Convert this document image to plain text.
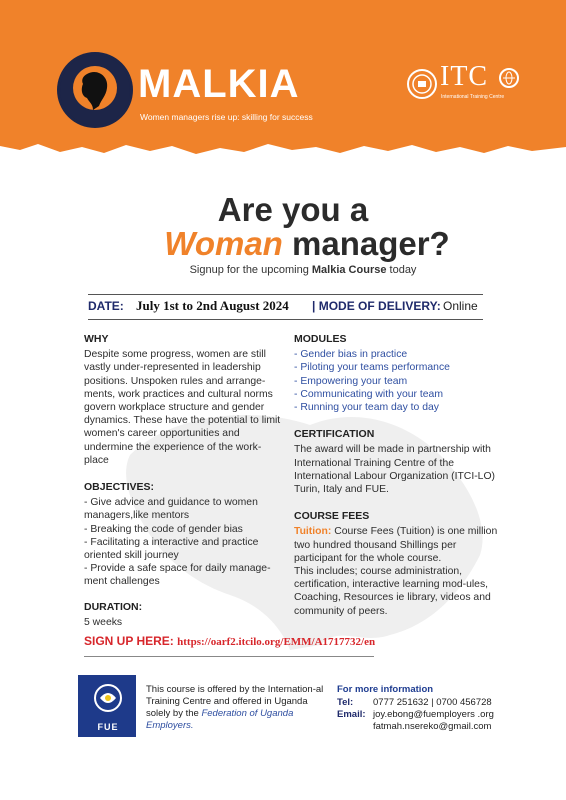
MALKIA
Women managers rise up: skilling for success
ITC
International Training Centre
Are you a
Woman manager?
Signup for the upcoming Malkia Course today
DATE: July 1st to 2nd August 2024 | MODE OF DELIVERY: Online
WHY
Despite some progress, women are still vastly under-represented in leadership positions. Unspoken rules and arrange-ments, work practices and cultural norms govern workplace structure and gender dynamics. These have the potential to limit women's career opportunities and undermine the experience of the work-place
OBJECTIVES:
- Give advice and guidance to women managers,like mentors
- Breaking the code of gender bias
- Facilitating a interactive and practice oriented skill journey
- Provide a safe space for daily manage-ment challenges
DURATION:
5 weeks
MODULES
- Gender bias in practice
- Piloting your teams performance
- Empowering your team
- Communicating with your team
- Running your team day to day
CERTIFICATION
The award will be made in partnership with International Training Centre of the International Labour Organization (ITCI-LO) Turin, Italy and FUE.
COURSE FEES
Tuition: Course Fees (Tuition) is one million two hundred thousand Shillings per participant for the whole course.
This includes; course administration, certification, interactive learning mod-ules, Coaching, Resources ie library, videos and community of peers.
SIGN UP HERE: https://oarf2.itcilo.org/EMM/A1717732/en
FUE
This course is offered by the Internation-al Training Centre and offered in Uganda solely by the Federation of Uganda Employers.
For more information
Tel:	0777 251632 | 0700 456728
Email: joy.ebong@fuemployers .org
fatmah.nsereko@gmail.com
